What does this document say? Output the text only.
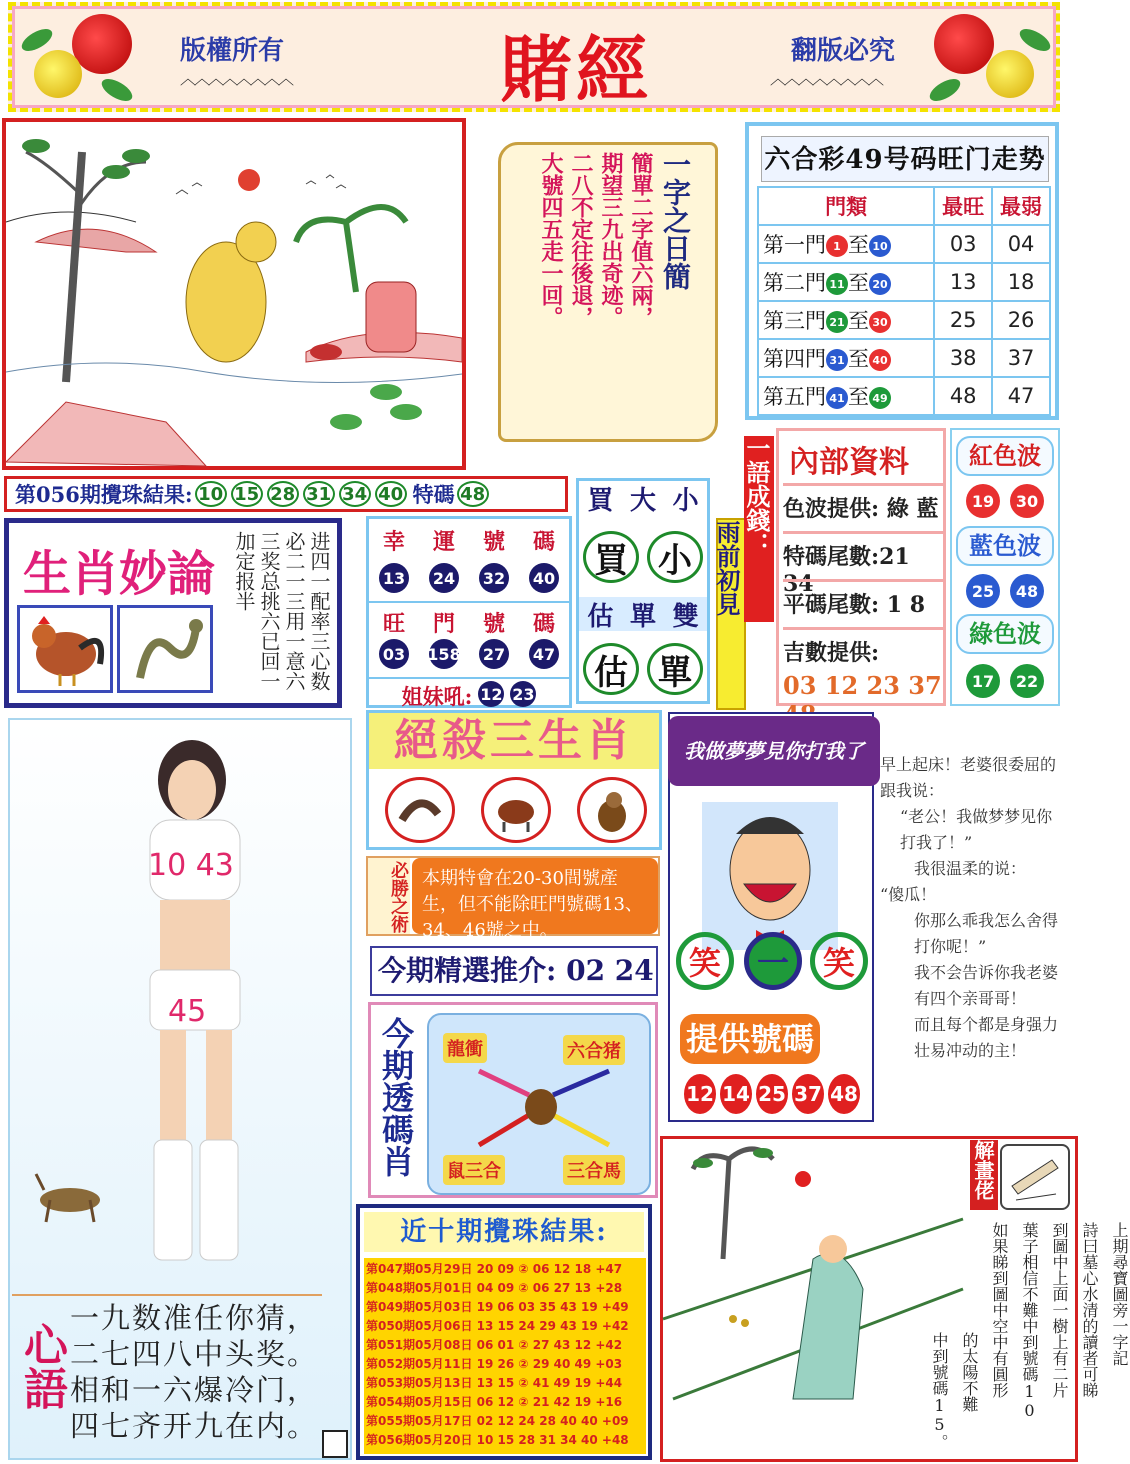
版權所有
︿︿︿︿︿︿︿︿	賭經	翻版必究
︿︿︿︿︿︿︿︿
一字之日簡
簡單二字值六兩，
期望三九出奇迹。
二八不定往後退，
大號四五走一回。	六合彩49号码旺门走势
門類	最旺	最弱
第一門 1 至 10	03	04
第二門 11 至 20	13	18
第三門 21 至 30	25	26
第四門 31 至 40	38	37
第五門 41 至 49	48	47
第056期攪珠結果: 10 15 28 31 34 40 特碼 48
生肖妙論	进四一配率三心数必二一三用一意六三奖总挑六已回一加定报半	幸 運 號 碼
13 24 32 40
旺 門 號 碼
03 158 27 47
姐妹吼: 12 23
買 大 小
買 小
估 單 雙
估 單
雨前初見
一語成錢： 內部資料
色波提供: 綠 藍
特碼尾數:21 34
平碼尾數: 1 8
吉數提供:
03 12 23 37
紅色波
19	30
藍色波
25	48
綠色波
17	22
10 43
45
心語
一九数准任你猜，
二七四八中头奖。
相和一六爆冷门，
四七齐开九在内。
絕殺三生肖
必勝之術 本期特會在20-30間號產生，但不能除旺門號碼13、34、46號之中。
今期精選推介: 02 24
今期透碼肖 龍衝	六合猪
鼠三合	三合馬
近十期攪珠結果:
第047期05月29日 20 09 ② 06 12 18 +47
第048期05月01日 04 09 ② 06 27 13 +28
第049期05月03日 19 06 03 35 43 19 +49
第050期05月06日 13 15 24 29 43 19 +42
第051期05月08日 06 01 ② 27 43 12 +42
第052期05月11日 19 26 ② 29 40 49 +03
第053期05月13日 13 15 ② 41 49 19 +44
第054期05月15日 06 12 ② 21 42 19 +16
第055期05月17日 02 12 24 28 40 40 +09
第056期05月20日 10 15 28 31 34 40 +48
我做夢夢見你打我了
笑	一	笑
提供號碼
12 14 25 37 48

早上起床！老婆很委屈的跟我说：

“老公！我做梦梦见你打我了！”

我很温柔的说：

“傻瓜！

你那么乖我怎么舍得打你呢！”

我不会告诉你我老婆有四个亲哥哥！

而且每个都是身强力壮易冲动的主！

解畫佬
上期尋寶圖旁一字記
詩曰墓心水清的讀者可睇
到圖中上面一樹上有二片
葉子相信不難中到號碼10
如果睇到圖中空中有圓形
的太陽不難
中到號碼15。
